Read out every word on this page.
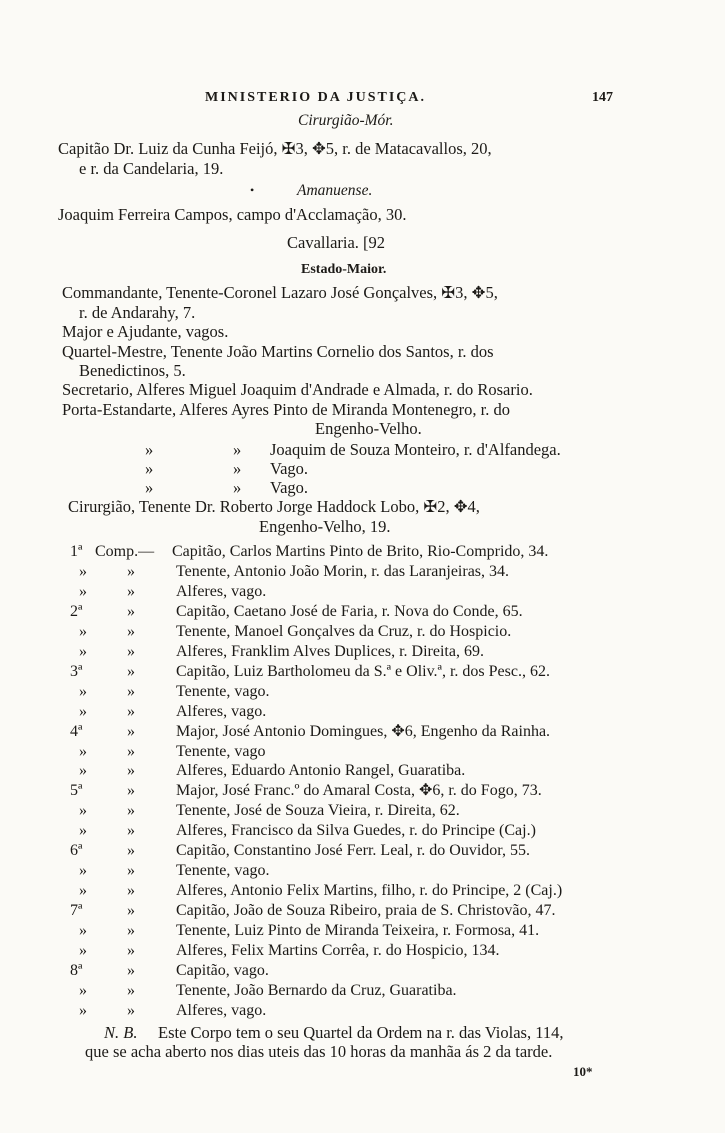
MINISTERIO DA JUSTIÇA.	147
Cirurgião-Mór.
Capitão Dr. Luiz da Cunha Feijó, ✠3, ✥5, r. de Matacavallos, 20,
e r. da Candelaria, 19.
•	Amanuense.
Joaquim Ferreira Campos, campo d'Acclamação, 30.
Cavallaria. [92
Estado-Maior.
Commandante, Tenente-Coronel Lazaro José Gonçalves, ✠3, ✥5,
r. de Andarahy, 7.
Major e Ajudante, vagos.
Quartel-Mestre, Tenente João Martins Cornelio dos Santos, r. dos
Benedictinos, 5.
Secretario, Alferes Miguel Joaquim d'Andrade e Almada, r. do Rosario.
Porta-Estandarte, Alferes Ayres Pinto de Miranda Montenegro, r. do
Engenho-Velho.
»	» Joaquim de Souza Monteiro, r. d'Alfandega.
»	» Vago.
»	» Vago.
Cirurgião, Tenente Dr. Roberto Jorge Haddock Lobo, ✠2, ✥4,
Engenho-Velho, 19.
1ª Comp.— Capitão, Carlos Martins Pinto de Brito, Rio-Comprido, 34.
»	»	Tenente, Antonio João Morin, r. das Laranjeiras, 34.
»	»	Alferes, vago.
2ª	»	Capitão, Caetano José de Faria, r. Nova do Conde, 65.
»	»	Tenente, Manoel Gonçalves da Cruz, r. do Hospicio.
»	»	Alferes, Franklim Alves Duplices, r. Direita, 69.
3ª	»	Capitão, Luiz Bartholomeu da S.ª e Oliv.ª, r. dos Pesc., 62.
»	»	Tenente, vago.
»	»	Alferes, vago.
4ª	»	Major, José Antonio Domingues, ✥6, Engenho da Rainha.
»	»	Tenente, vago
»	»	Alferes, Eduardo Antonio Rangel, Guaratiba.
5ª	»	Major, José Franc.º do Amaral Costa, ✥6, r. do Fogo, 73.
»	»	Tenente, José de Souza Vieira, r. Direita, 62.
»	»	Alferes, Francisco da Silva Guedes, r. do Principe (Caj.)
6ª	»	Capitão, Constantino José Ferr. Leal, r. do Ouvidor, 55.
»	»	Tenente, vago.
»	»	Alferes, Antonio Felix Martins, filho, r. do Principe, 2 (Caj.)
7ª	»	Capitão, João de Souza Ribeiro, praia de S. Christovão, 47.
»	»	Tenente, Luiz Pinto de Miranda Teixeira, r. Formosa, 41.
»	»	Alferes, Felix Martins Corrêa, r. do Hospicio, 134.
8ª	»	Capitão, vago.
»	»	Tenente, João Bernardo da Cruz, Guaratiba.
»	»	Alferes, vago.
N. B. Este Corpo tem o seu Quartel da Ordem na r. das Violas, 114,
que se acha aberto nos dias uteis das 10 horas da manhãa ás 2 da tarde.
10*
